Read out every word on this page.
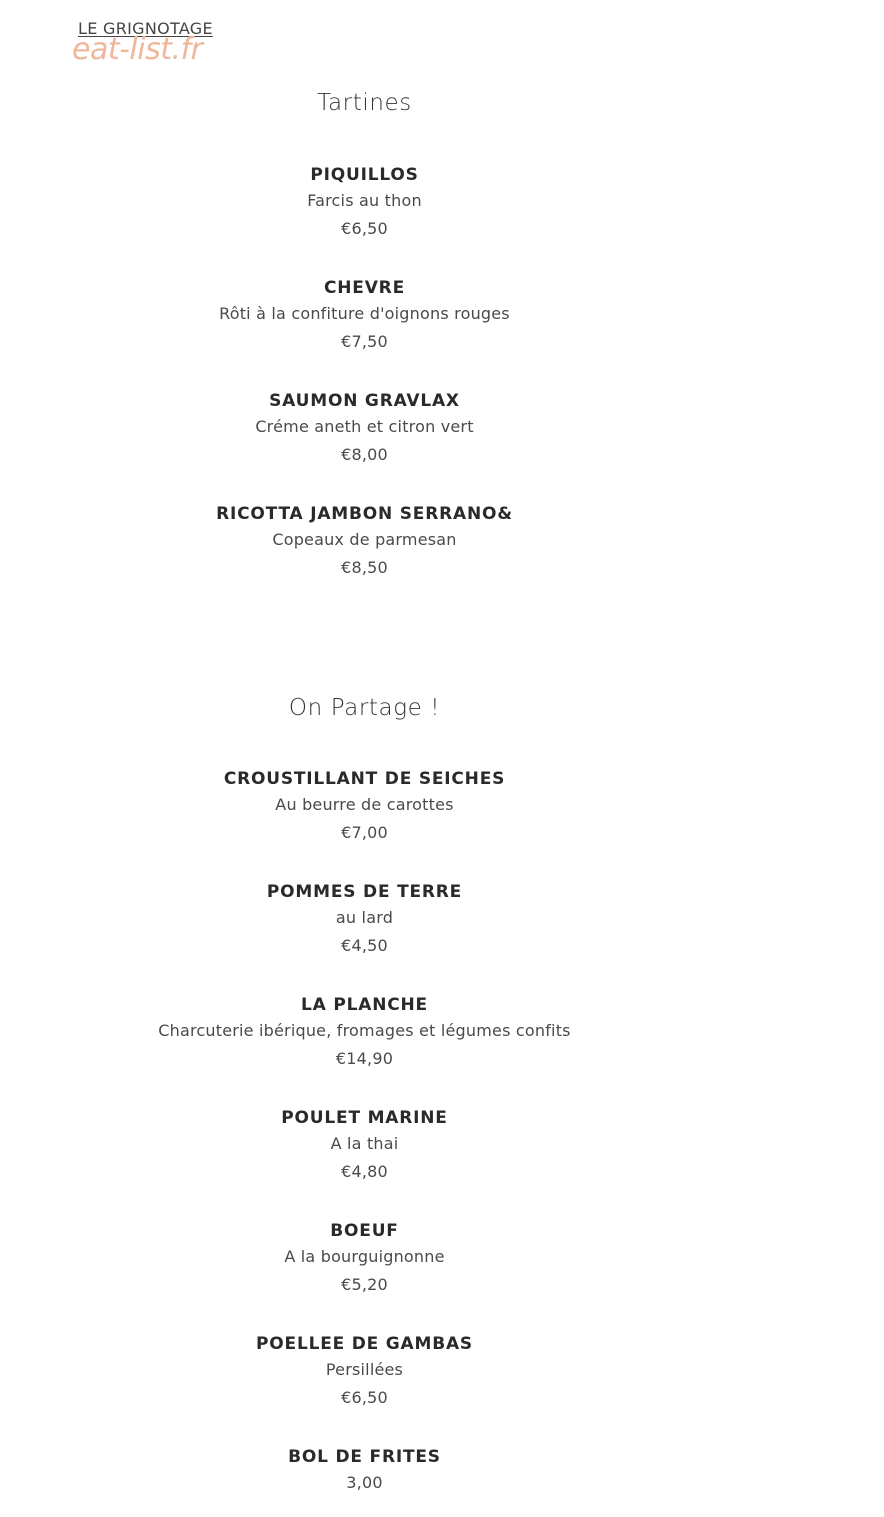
LE GRIGNOTAGE
eat-list.fr
Tartines
PIQUILLOS
Farcis au thon
€6,50
CHEVRE
Rôti à la confiture d'oignons rouges
€7,50
SAUMON GRAVLAX
Créme aneth et citron vert
€8,00
RICOTTA JAMBON SERRANO&
Copeaux de parmesan
€8,50
On Partage !
CROUSTILLANT DE SEICHES
Au beurre de carottes
€7,00
POMMES DE TERRE
au lard
€4,50
LA PLANCHE
Charcuterie ibérique, fromages et légumes confits
€14,90
POULET MARINE
A la thai
€4,80
BOEUF
A la bourguignonne
€5,20
POELLEE DE GAMBAS
Persillées
€6,50
BOL DE FRITES
3,00
